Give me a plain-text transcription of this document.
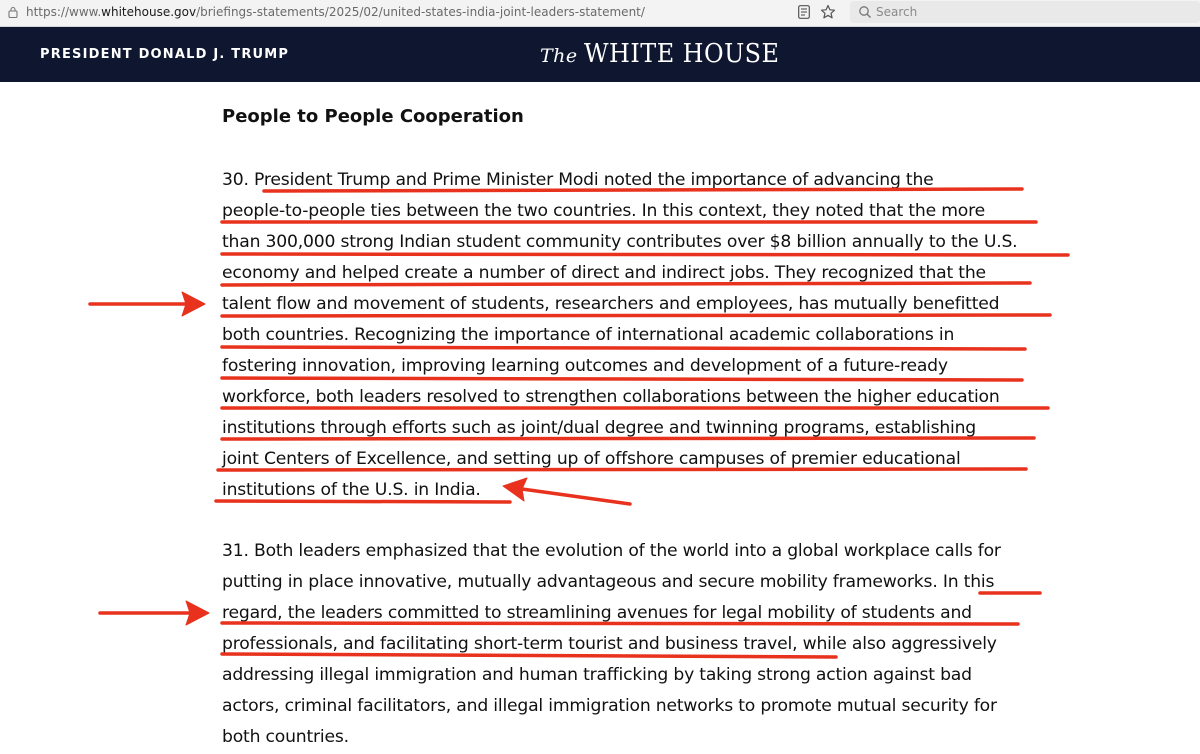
https://www.whitehouse.gov/briefings-statements/2025/02/united-states-india-joint-leaders-statement/	Search
PRESIDENT DONALD J. TRUMP	The WHITE HOUSE
People to People Cooperation
30. President Trump and Prime Minister Modi noted the importance of advancing the
people-to-people ties between the two countries. In this context, they noted that the more
than 300,000 strong Indian student community contributes over $8 billion annually to the U.S.
economy and helped create a number of direct and indirect jobs. They recognized that the
talent flow and movement of students, researchers and employees, has mutually benefitted
both countries. Recognizing the importance of international academic collaborations in
fostering innovation, improving learning outcomes and development of a future-ready
workforce, both leaders resolved to strengthen collaborations between the higher education
institutions through efforts such as joint/dual degree and twinning programs, establishing
joint Centers of Excellence, and setting up of offshore campuses of premier educational
institutions of the U.S. in India.
31. Both leaders emphasized that the evolution of the world into a global workplace calls for
putting in place innovative, mutually advantageous and secure mobility frameworks. In this
regard, the leaders committed to streamlining avenues for legal mobility of students and
professionals, and facilitating short-term tourist and business travel, while also aggressively
addressing illegal immigration and human trafficking by taking strong action against bad
actors, criminal facilitators, and illegal immigration networks to promote mutual security for
both countries.
